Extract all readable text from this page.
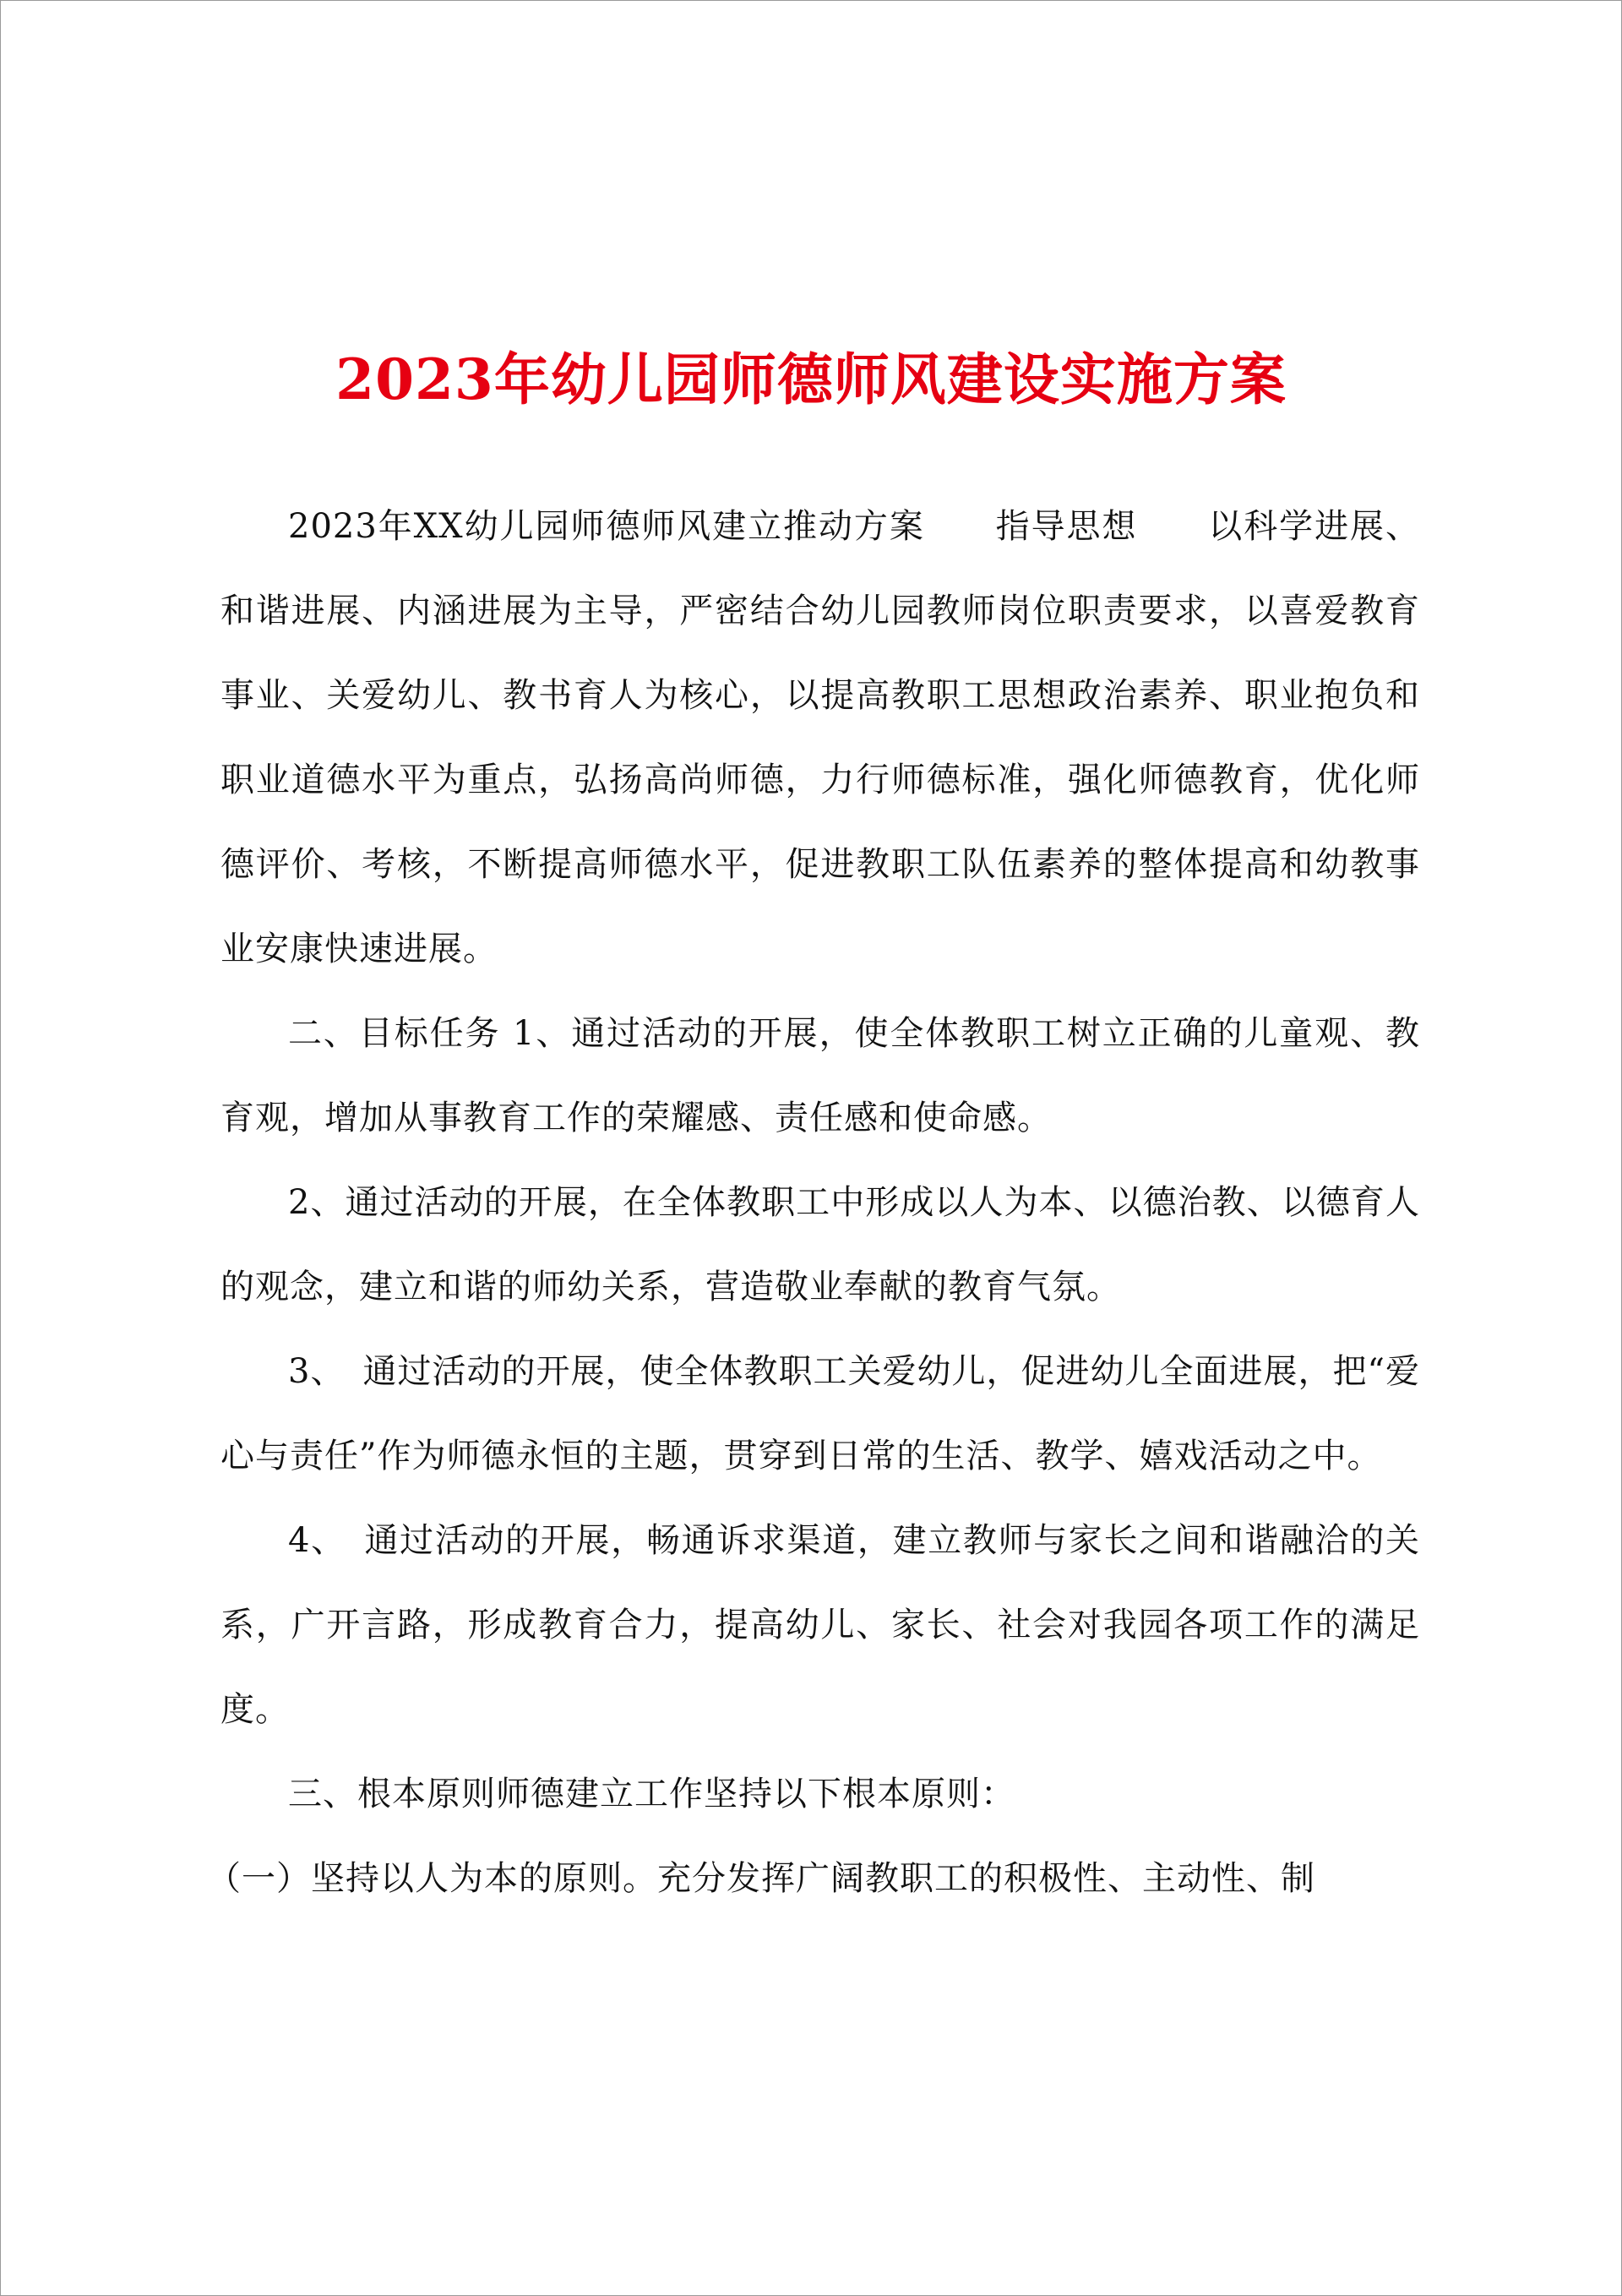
2023年幼儿园师德师风建设实施方案

2023年XX幼儿园师德师风建立推动方案　　指导思想　　以科学进展、和谐进展、内涵进展为主导，严密结合幼儿园教师岗位职责要求，以喜爱教育事业、关爱幼儿、教书育人为核心，以提高教职工思想政治素养、职业抱负和职业道德水平为重点，弘扬高尚师德，力行师德标准，强化师德教育，优化师德评价、考核，不断提高师德水平，促进教职工队伍素养的整体提高和幼教事业安康快速进展。

二、目标任务 1、通过活动的开展，使全体教职工树立正确的儿童观、教育观，增加从事教育工作的荣耀感、责任感和使命感。

2、通过活动的开展，在全体教职工中形成以人为本、以德治教、以德育人的观念，建立和谐的师幼关系，营造敬业奉献的教育气氛。

3、　通过活动的开展，使全体教职工关爱幼儿，促进幼儿全面进展，把“爱心与责任”作为师德永恒的主题，贯穿到日常的生活、教学、嬉戏活动之中。

4、　通过活动的开展，畅通诉求渠道，建立教师与家长之间和谐融洽的关系，广开言路，形成教育合力，提高幼儿、家长、社会对我园各项工作的满足度。

三、根本原则师德建立工作坚持以下根本原则：

（一）坚持以人为本的原则。充分发挥广阔教职工的积极性、主动性、制
